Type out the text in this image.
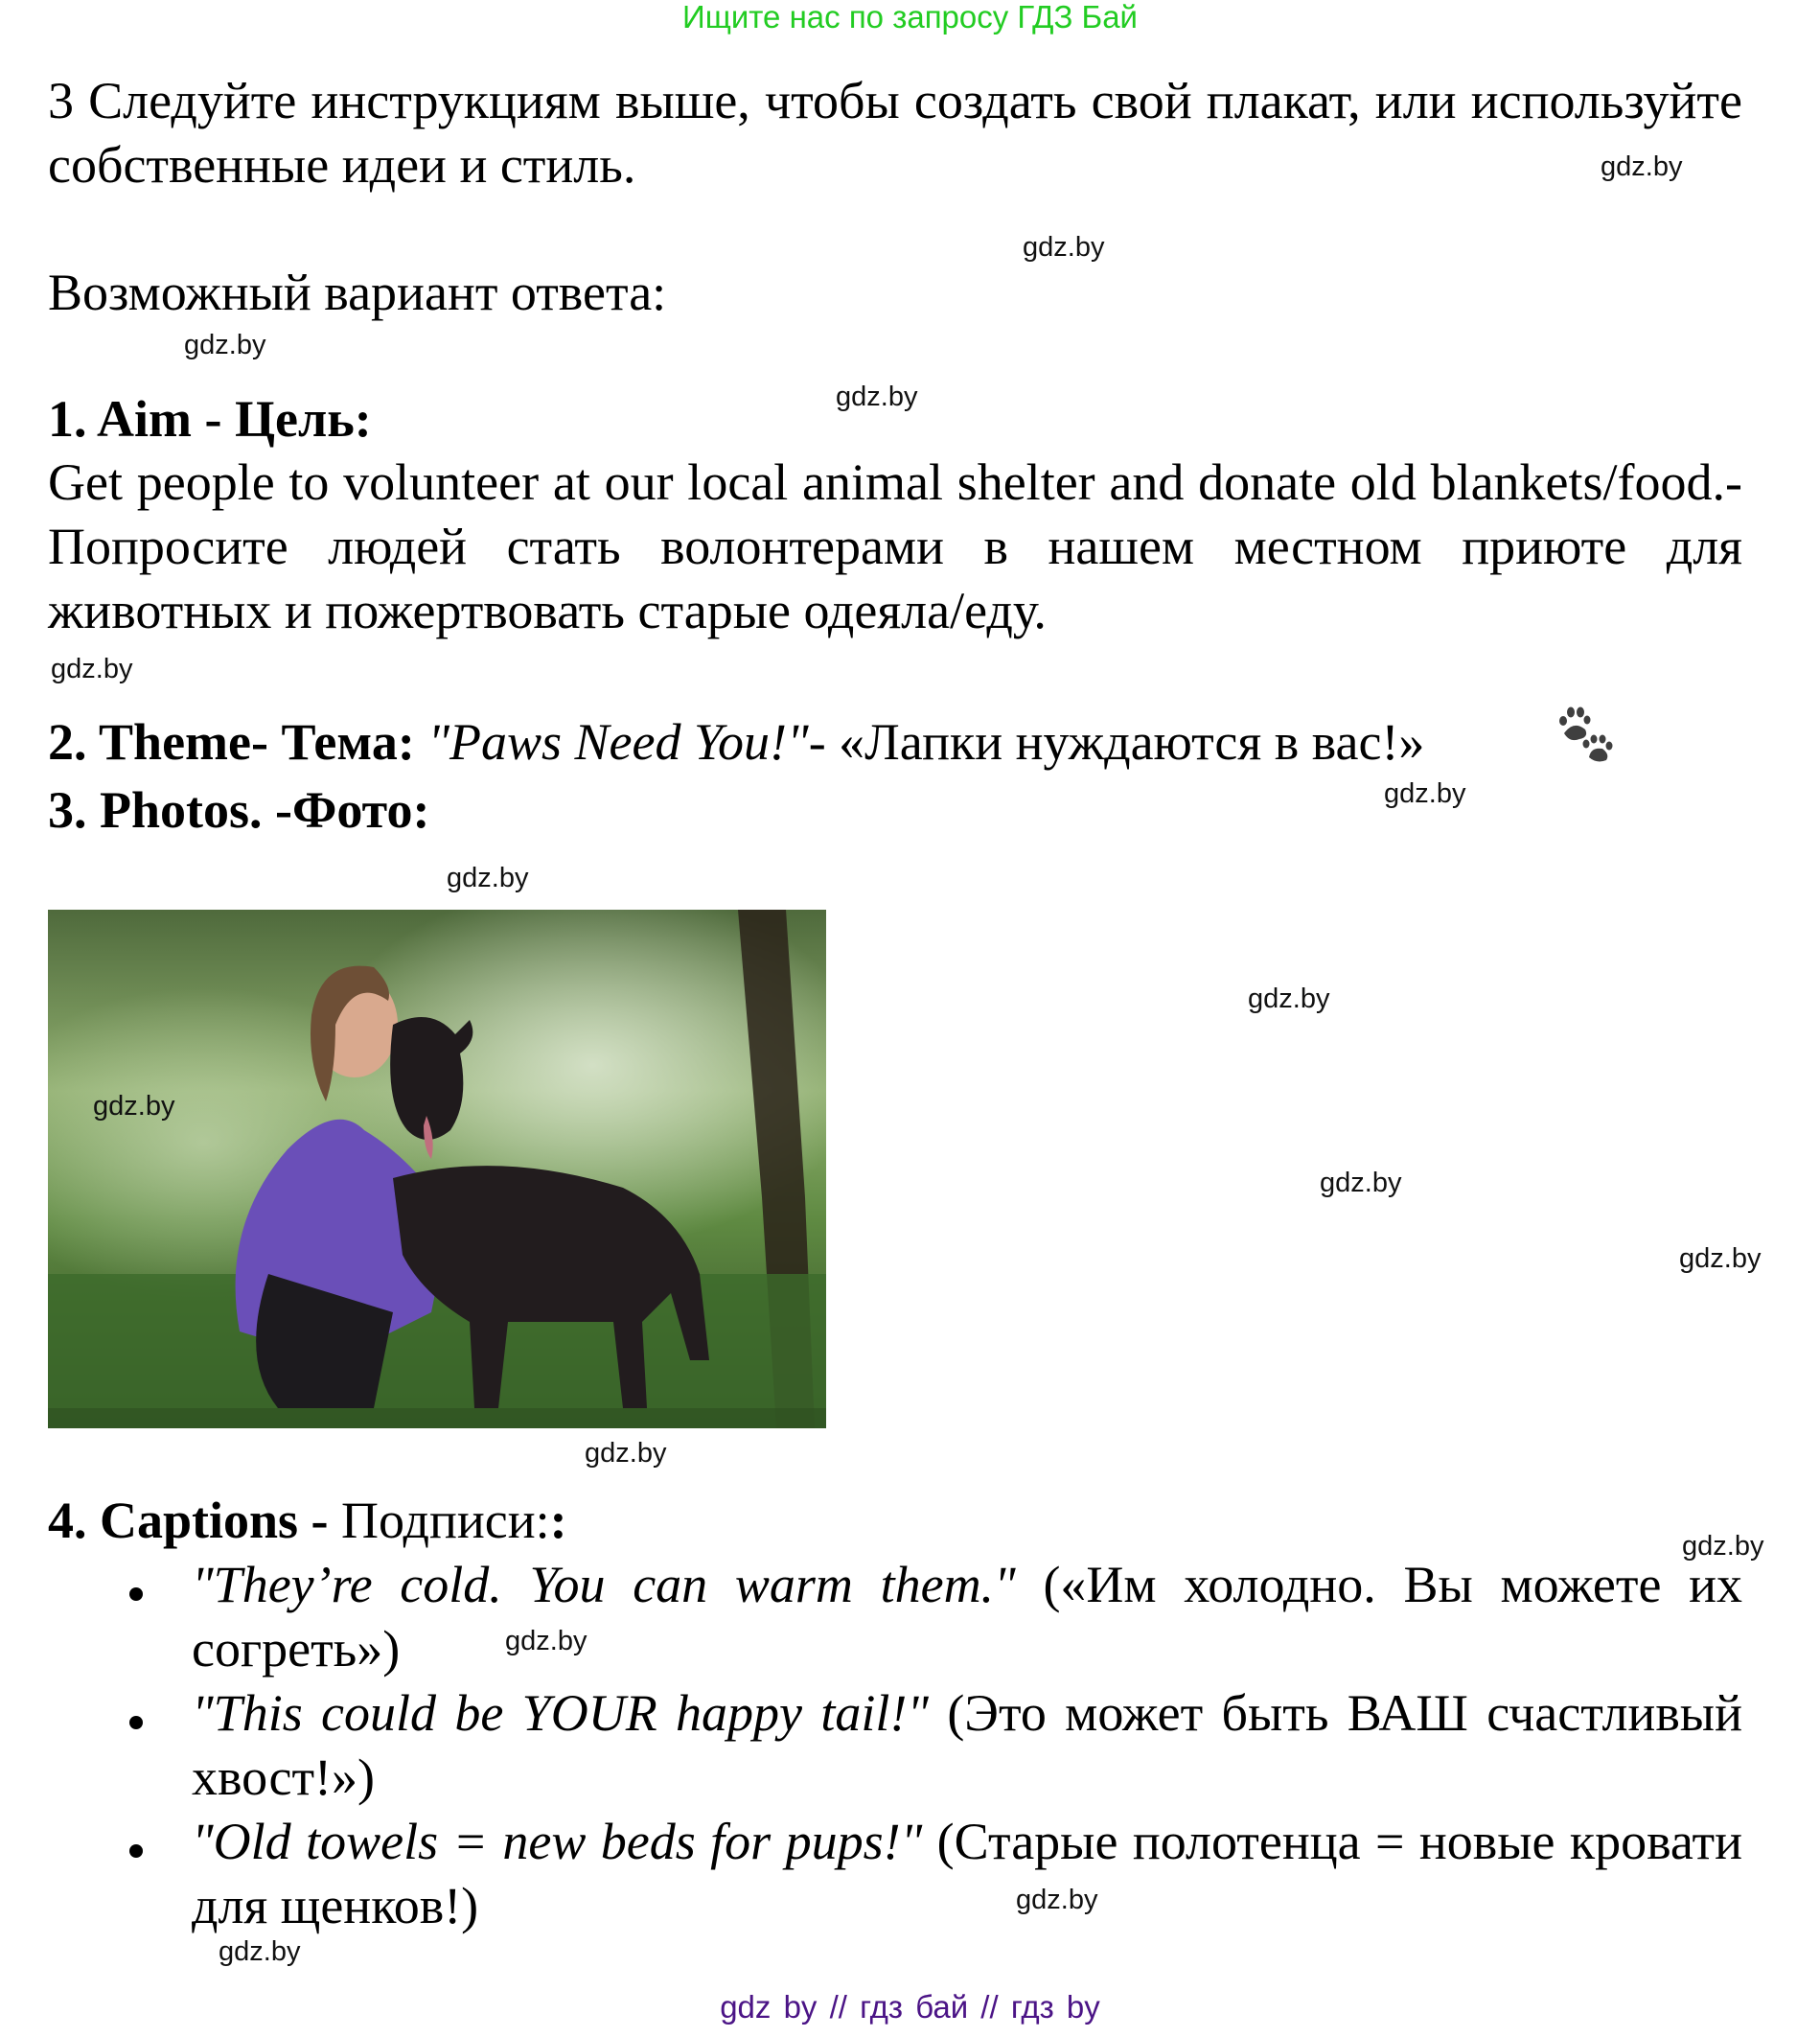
Ищите нас по запросу ГДЗ Бай
3 Следуйте инструкциям выше, чтобы создать свой плакат, или используйте собственные идеи и стиль.
Возможный вариант ответа:
1. Aim - Цель:
Get people to volunteer at our local animal shelter and donate old blankets/food.- Попросите людей стать волонтерами в нашем местном приюте для животных и пожертвовать старые одеяла/еду.
2. Theme- Тема: "Paws Need You!"- «Лапки нуждаются в вас!»
3. Photos. -Фото:
4. Captions - Подписи::
"They’re cold. You can warm them." («Им холодно. Вы можете их согреть»)
"This could be YOUR happy tail!" (Это может быть ВАШ счастливый хвост!»)
"Old towels = new beds for pups!" (Старые полотенца = новые кровати для щенков!)
gdz.by
gdz.by
gdz.by
gdz.by
gdz.by
gdz.by
gdz.by
gdz.by
gdz.by
gdz.by
gdz.by
gdz.by
gdz.by
gdz.by
gdz.by
gdz.by
gdz by // гдз бай // гдз by
